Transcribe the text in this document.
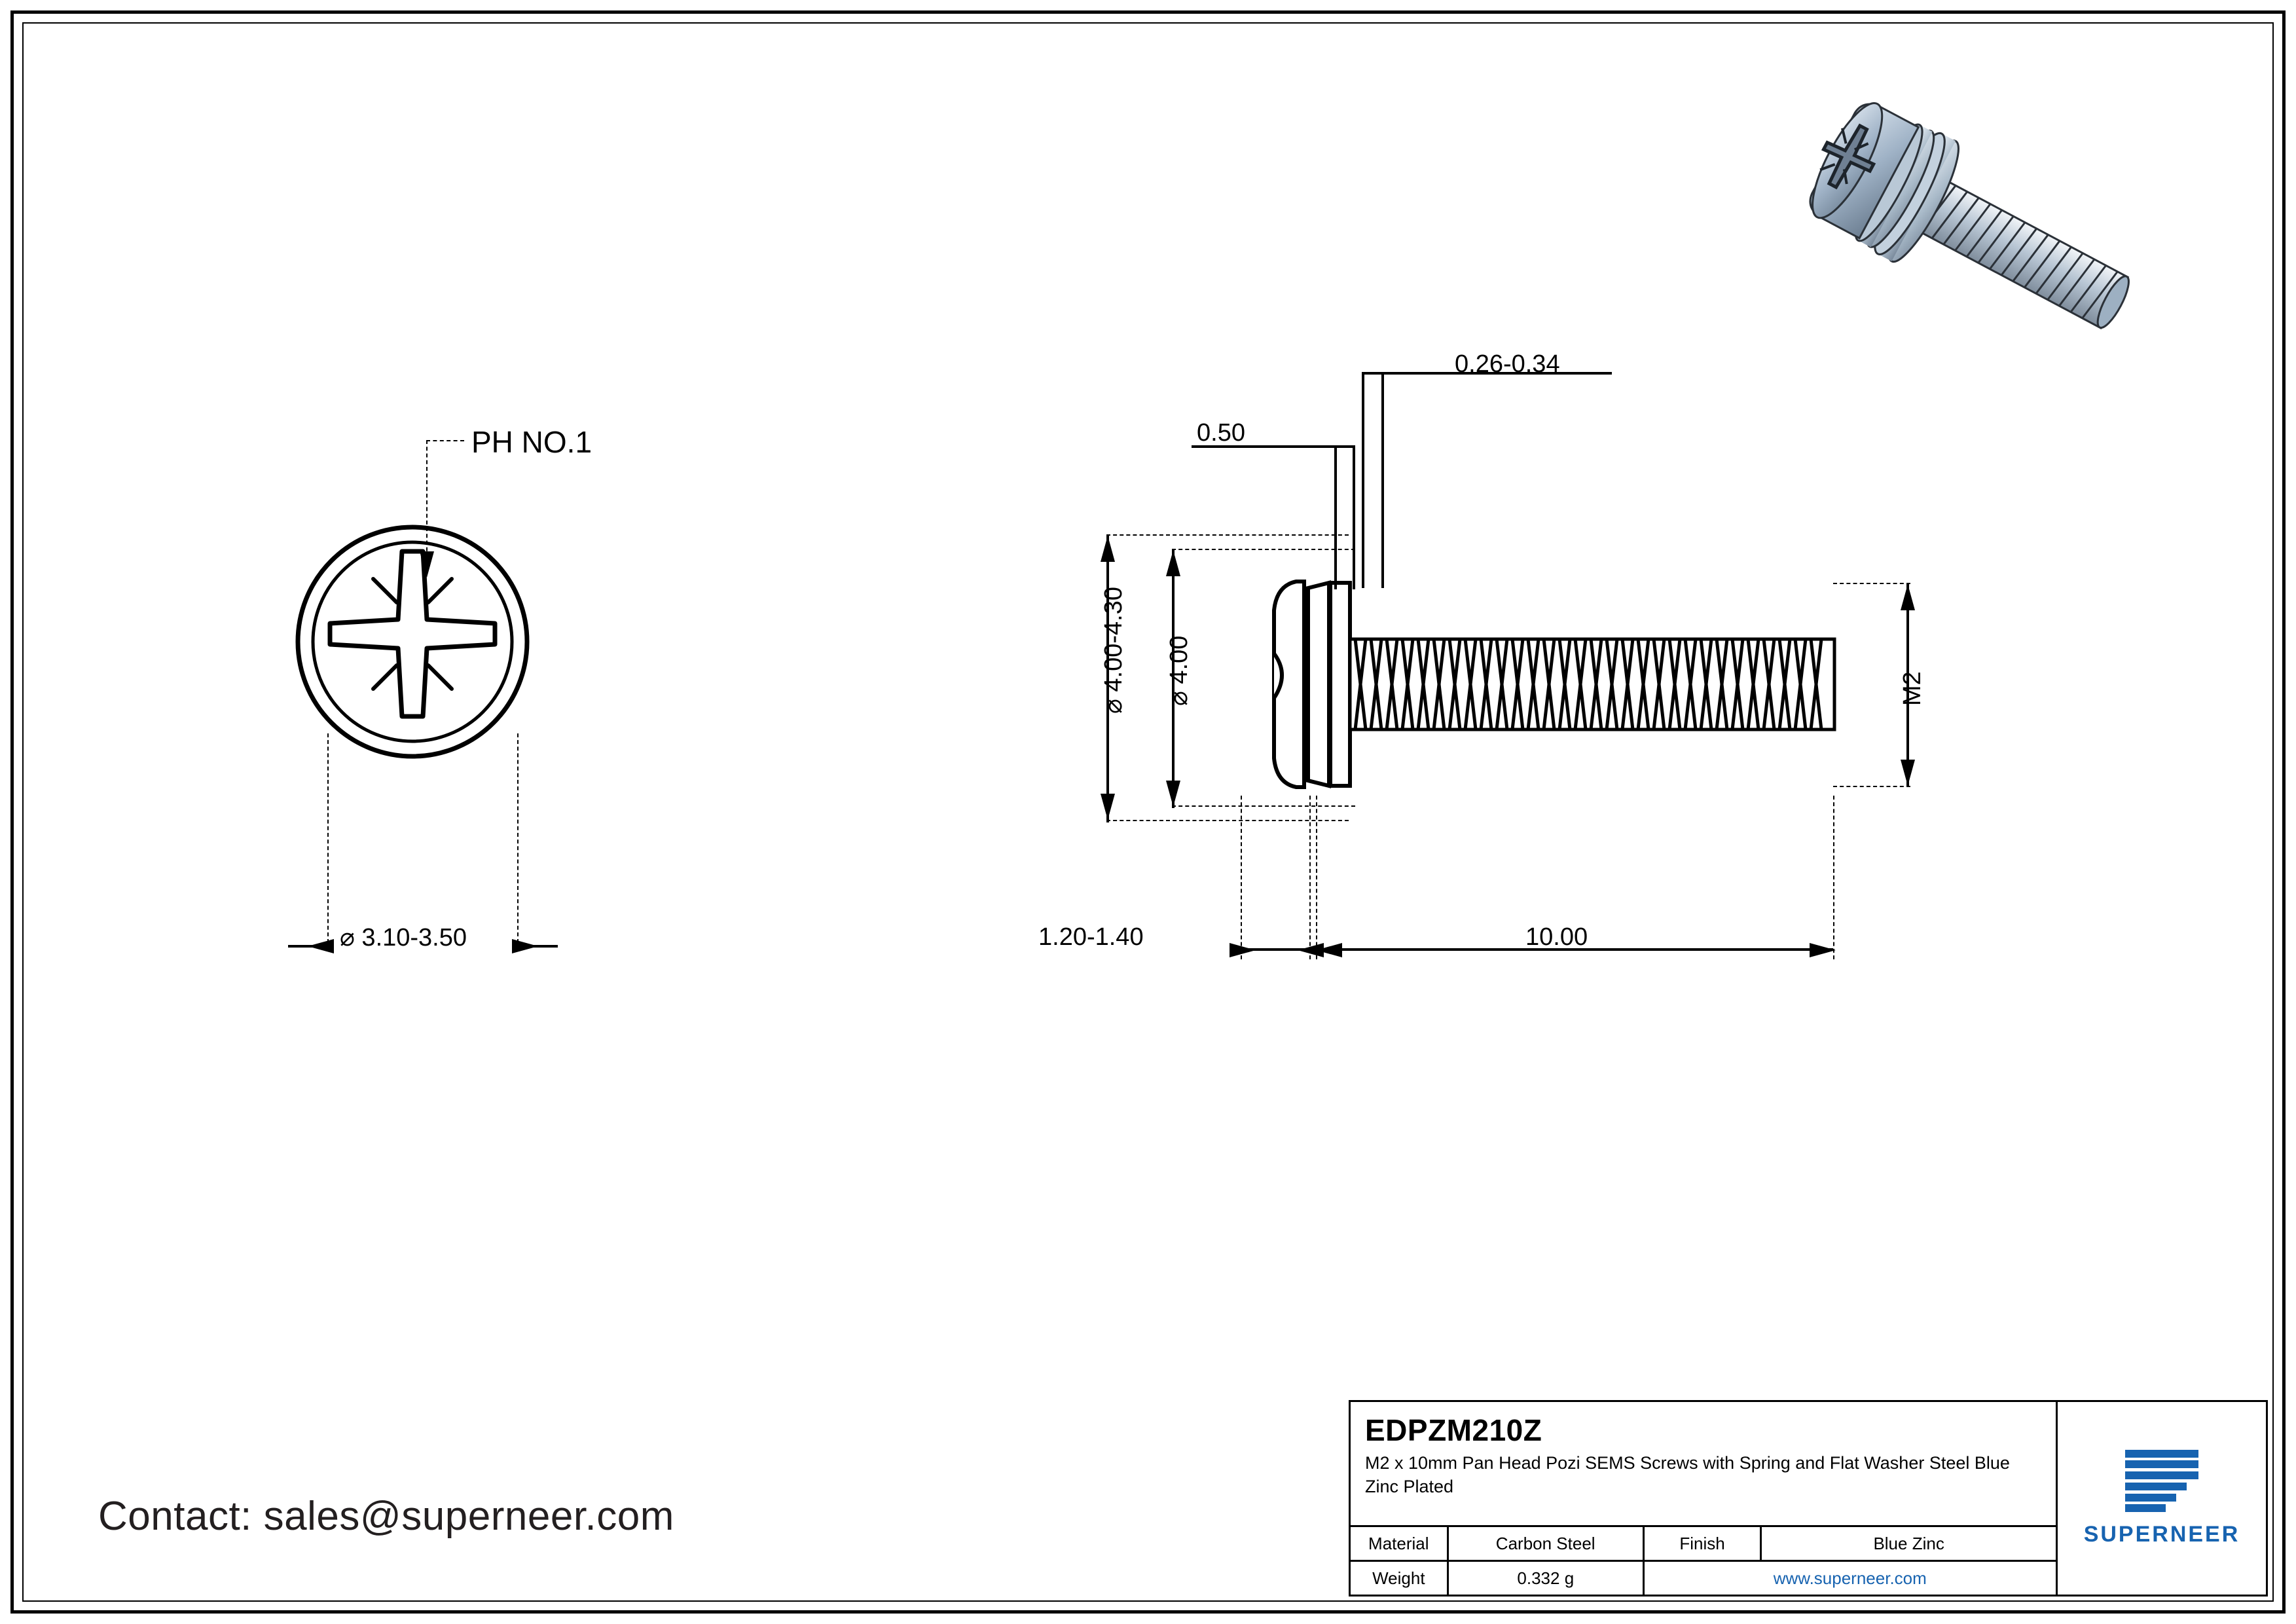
PH NO.1
⌀ 3.10-3.50
0.26-0.34
0.50
⌀ 4.00-4.30 ⌀ 4.00	M2
1.20-1.40	10.00
Contact: sales@superneer.com
EDPZM210Z
M2 x 10mm Pan Head Pozi SEMS Screws with Spring and Flat Washer Steel Blue Zinc Plated
Material	Carbon Steel	Finish	Blue Zinc
Weight	0.332 g	www.superneer.com
SUPERNEER
